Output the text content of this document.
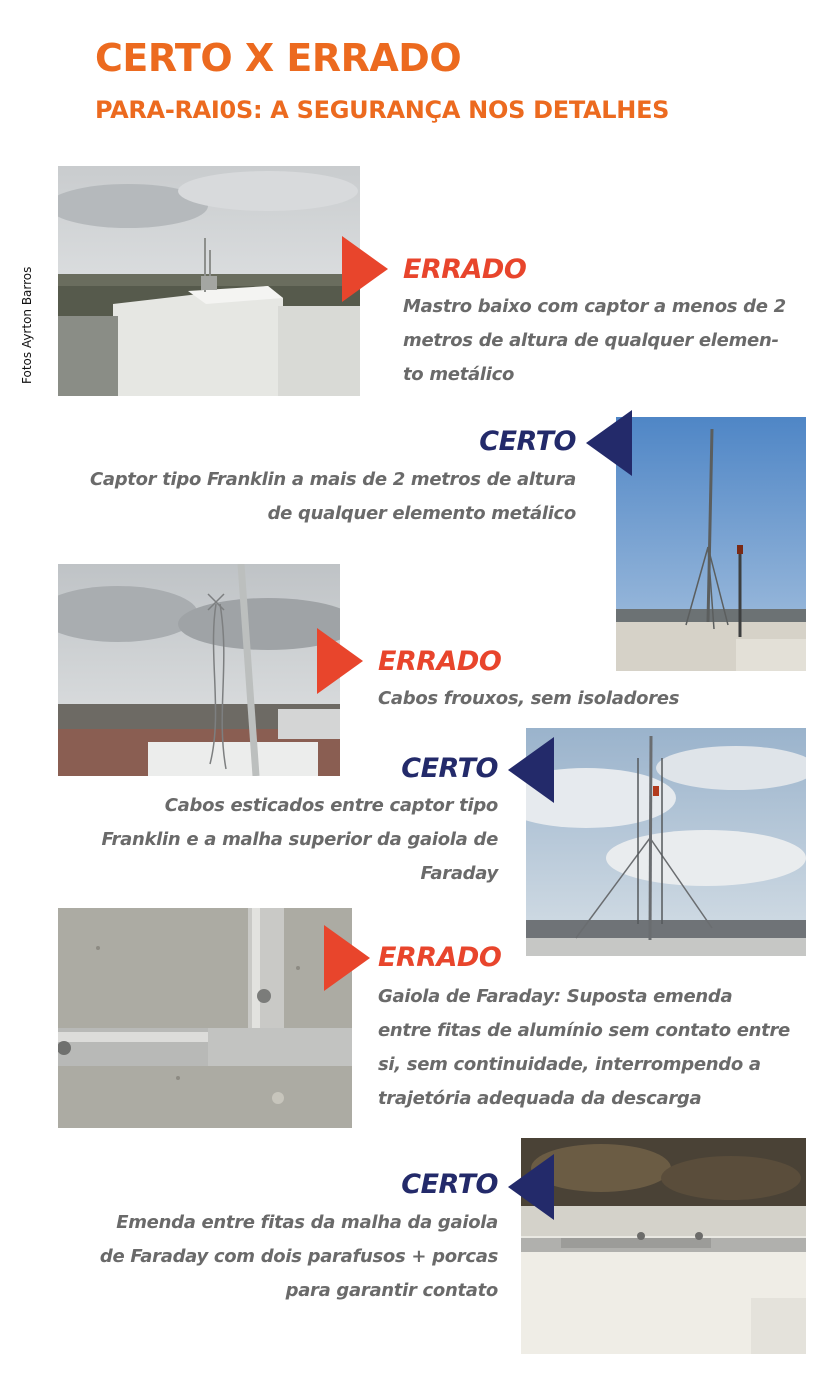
CERTO X ERRADO
PARA-RAI0S: A SEGURANÇA NOS DETALHES
Fotos Ayrton Barros	ERRADO
Mastro baixo com captor a menos de 2
metros de altura de qualquer elemen-
to metálico
CERTO
Captor tipo Franklin a mais de 2 metros de altura
de qualquer elemento metálico
ERRADO
Cabos frouxos, sem isoladores
CERTO
Cabos esticados entre captor tipo
Franklin e a malha superior da gaiola de
Faraday
ERRADO
Gaiola de Faraday: Suposta emenda
entre fitas de alumínio sem contato entre
si, sem continuidade, interrompendo a
trajetória adequada da descarga
CERTO
Emenda entre fitas da malha da gaiola
de Faraday com dois parafusos + porcas
para garantir contato
